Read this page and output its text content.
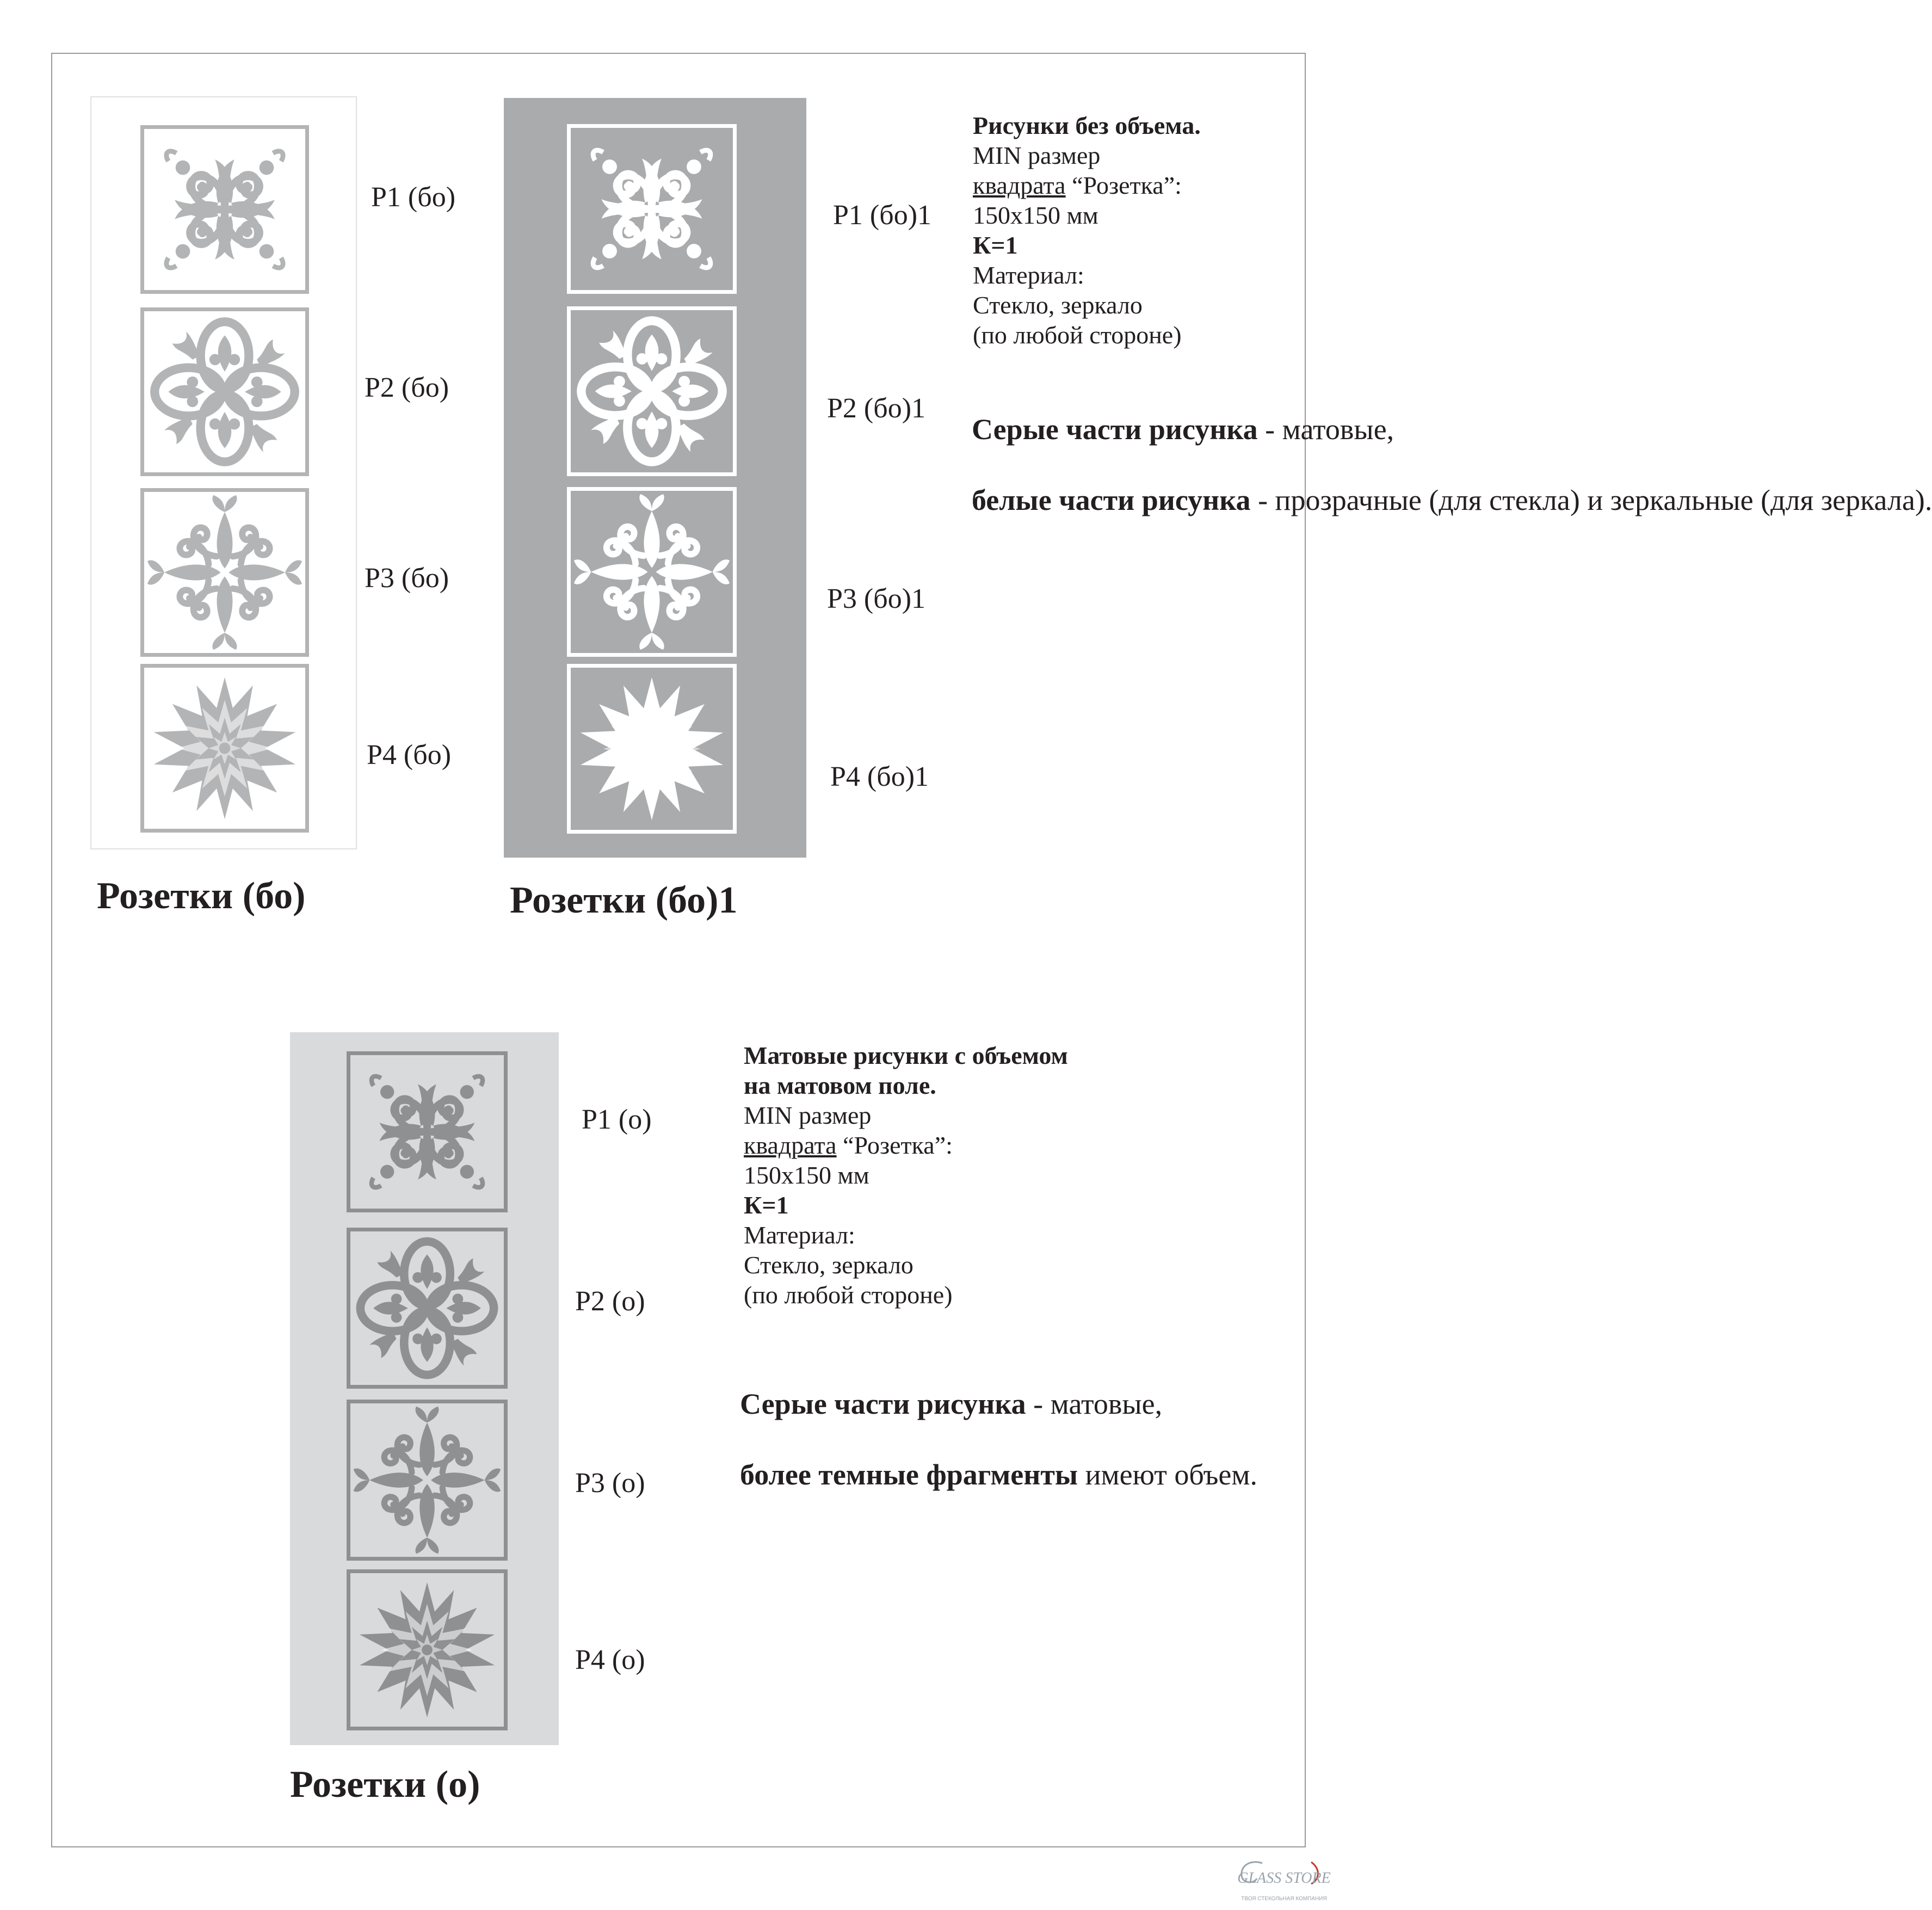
Р1 (бо)
Р2 (бо)
Р3 (бо)
Р4 (бо)
Розетки (бо)
Р1 (бо)1
Р2 (бо)1
Р3 (бо)1
Р4 (бо)1
Розетки (бо)1
Рисунки без объема.
MIN размер
квадрата “Розетка”:
150х150 мм
К=1
Материал:
Стекло, зеркало
(по любой стороне)
Серые части рисунка - матовые,
белые части рисунка - прозрачные (для стекла) и зеркальные (для зеркала).
Р1 (о)
Р2 (о)
Р3 (о)
Р4 (о)
Розетки (о)
Матовые рисунки с объемом
на матовом поле.
MIN размер
квадрата “Розетка”:
150х150 мм
К=1
Материал:
Стекло, зеркало
(по любой стороне)
Серые части рисунка - матовые,
более темные фрагменты имеют объем.
GLASS STORE
ТВОЯ СТЕКОЛЬНАЯ КОМПАНИЯ
